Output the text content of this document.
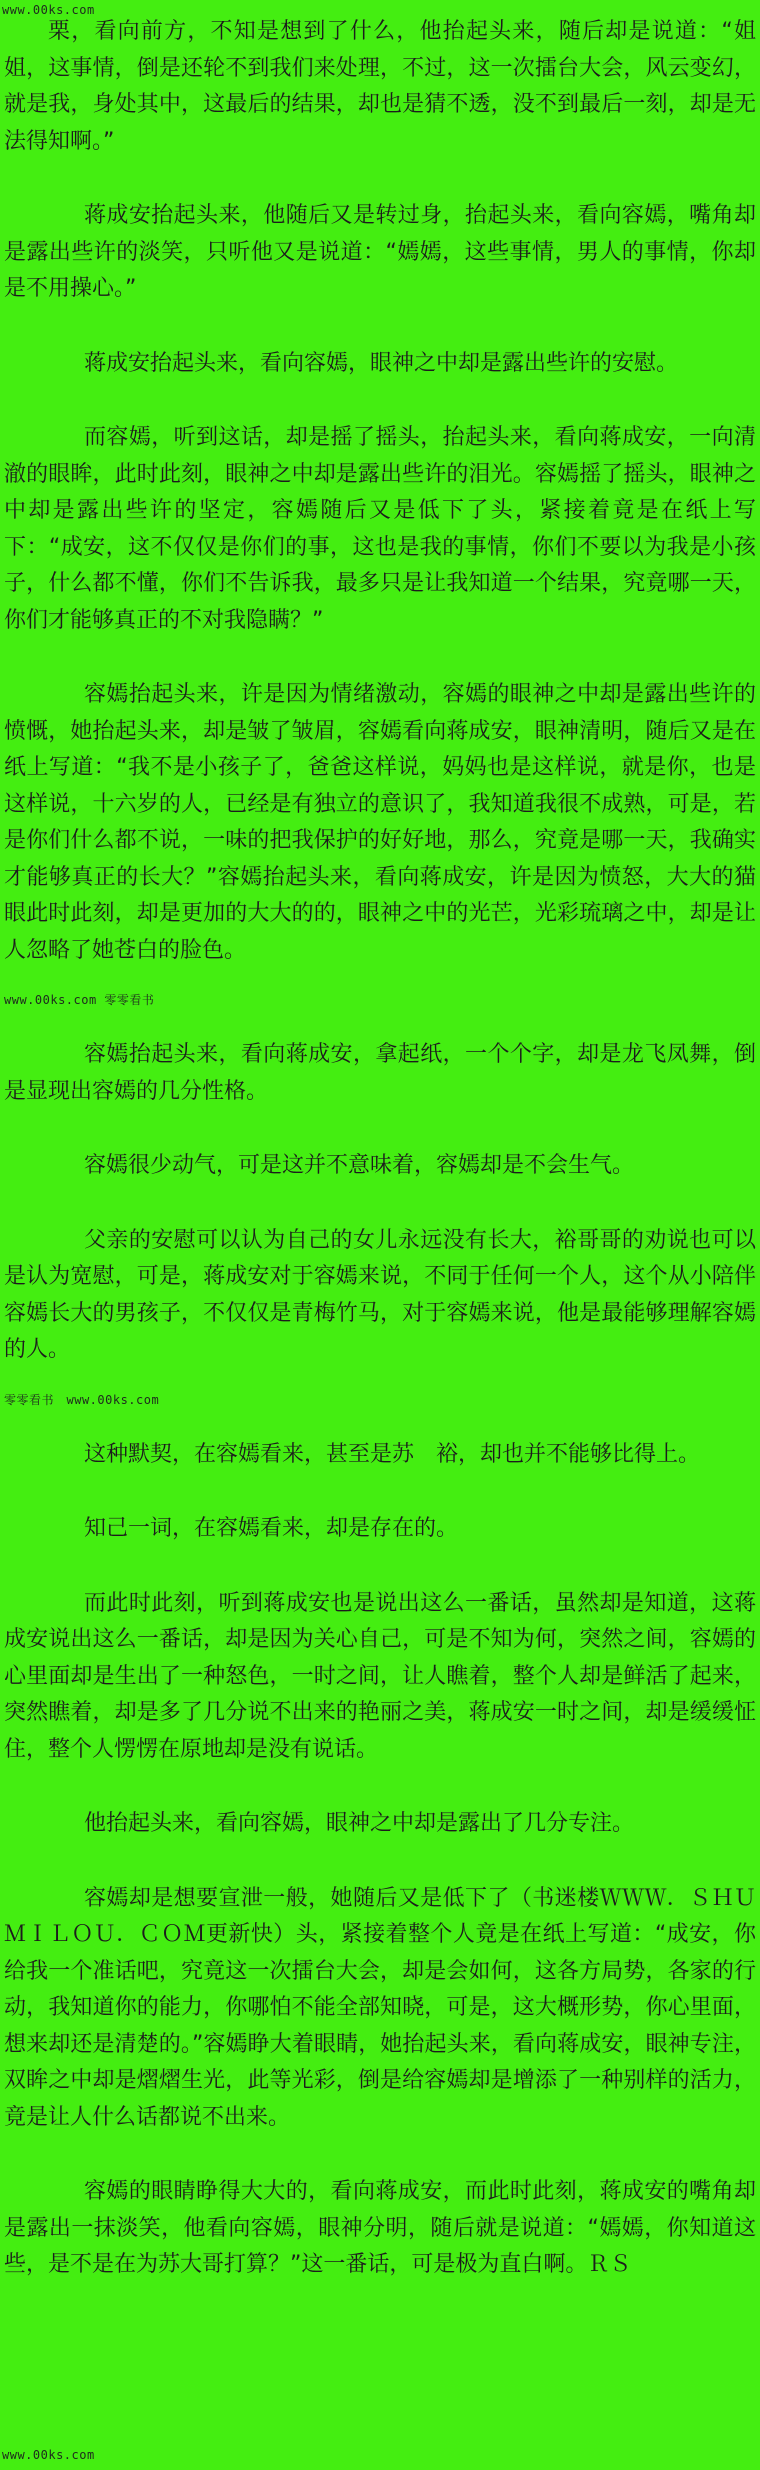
www.00ks.com
栗，看向前方，不知是想到了什么，他抬起头来，随后却是说道：“姐姐，这事情，倒是还轮不到我们来处理，不过，这一次擂台大会，风云变幻，就是我，身处其中，这最后的结果，却也是猜不透，没不到最后一刻，却是无法得知啊。”
蒋成安抬起头来，他随后又是转过身，抬起头来，看向容嫣，嘴角却是露出些许的淡笑，只听他又是说道：“嫣嫣，这些事情，男人的事情，你却是不用操心。”
蒋成安抬起头来，看向容嫣，眼神之中却是露出些许的安慰。
而容嫣，听到这话，却是摇了摇头，抬起头来，看向蒋成安，一向清澈的眼眸，此时此刻，眼神之中却是露出些许的泪光。容嫣摇了摇头，眼神之中却是露出些许的坚定，容嫣随后又是低下了头，紧接着竟是在纸上写下：“成安，这不仅仅是你们的事，这也是我的事情，你们不要以为我是小孩子，什么都不懂，你们不告诉我，最多只是让我知道一个结果，究竟哪一天，你们才能够真正的不对我隐瞒？”
容嫣抬起头来，许是因为情绪激动，容嫣的眼神之中却是露出些许的愤慨，她抬起头来，却是皱了皱眉，容嫣看向蒋成安，眼神清明，随后又是在纸上写道：“我不是小孩子了，爸爸这样说，妈妈也是这样说，就是你，也是这样说，十六岁的人，已经是有独立的意识了，我知道我很不成熟，可是，若是你们什么都不说，一味的把我保护的好好地，那么，究竟是哪一天，我确实才能够真正的长大？”容嫣抬起头来，看向蒋成安，许是因为愤怒，大大的猫眼此时此刻，却是更加的大大的的，眼神之中的光芒，光彩琉璃之中，却是让人忽略了她苍白的脸色。
www.00ks.com 零零看书
容嫣抬起头来，看向蒋成安，拿起纸，一个个字，却是龙飞凤舞，倒是显现出容嫣的几分性格。
容嫣很少动气，可是这并不意味着，容嫣却是不会生气。
父亲的安慰可以认为自己的女儿永远没有长大，裕哥哥的劝说也可以是认为宽慰，可是，蒋成安对于容嫣来说，不同于任何一个人，这个从小陪伴容嫣长大的男孩子，不仅仅是青梅竹马，对于容嫣来说，他是最能够理解容嫣的人。
零零看书　www.00ks.com
这种默契，在容嫣看来，甚至是苏　裕，却也并不能够比得上。
知己一词，在容嫣看来，却是存在的。
而此时此刻，听到蒋成安也是说出这么一番话，虽然却是知道，这蒋成安说出这么一番话，却是因为关心自己，可是不知为何，突然之间，容嫣的心里面却是生出了一种怒色，一时之间，让人瞧着，整个人却是鲜活了起来，突然瞧着，却是多了几分说不出来的艳丽之美，蒋成安一时之间，却是缓缓怔住，整个人愣愣在原地却是没有说话。
他抬起头来，看向容嫣，眼神之中却是露出了几分专注。
容嫣却是想要宣泄一般，她随后又是低下了（书迷楼ＷＷＷ．ＳＨＵＭＩＬＯＵ．ＣＯＭ更新快）头，紧接着整个人竟是在纸上写道：“成安，你给我一个准话吧，究竟这一次擂台大会，却是会如何，这各方局势，各家的行动，我知道你的能力，你哪怕不能全部知晓，可是，这大概形势，你心里面，想来却还是清楚的。”容嫣睁大着眼睛，她抬起头来，看向蒋成安，眼神专注，双眸之中却是熠熠生光，此等光彩，倒是给容嫣却是增添了一种别样的活力，竟是让人什么话都说不出来。
容嫣的眼睛睁得大大的，看向蒋成安，而此时此刻，蒋成安的嘴角却是露出一抹淡笑，他看向容嫣，眼神分明，随后就是说道：“嫣嫣，你知道这些，是不是在为苏大哥打算？”这一番话，可是极为直白啊。ＲＳ
www.00ks.com
